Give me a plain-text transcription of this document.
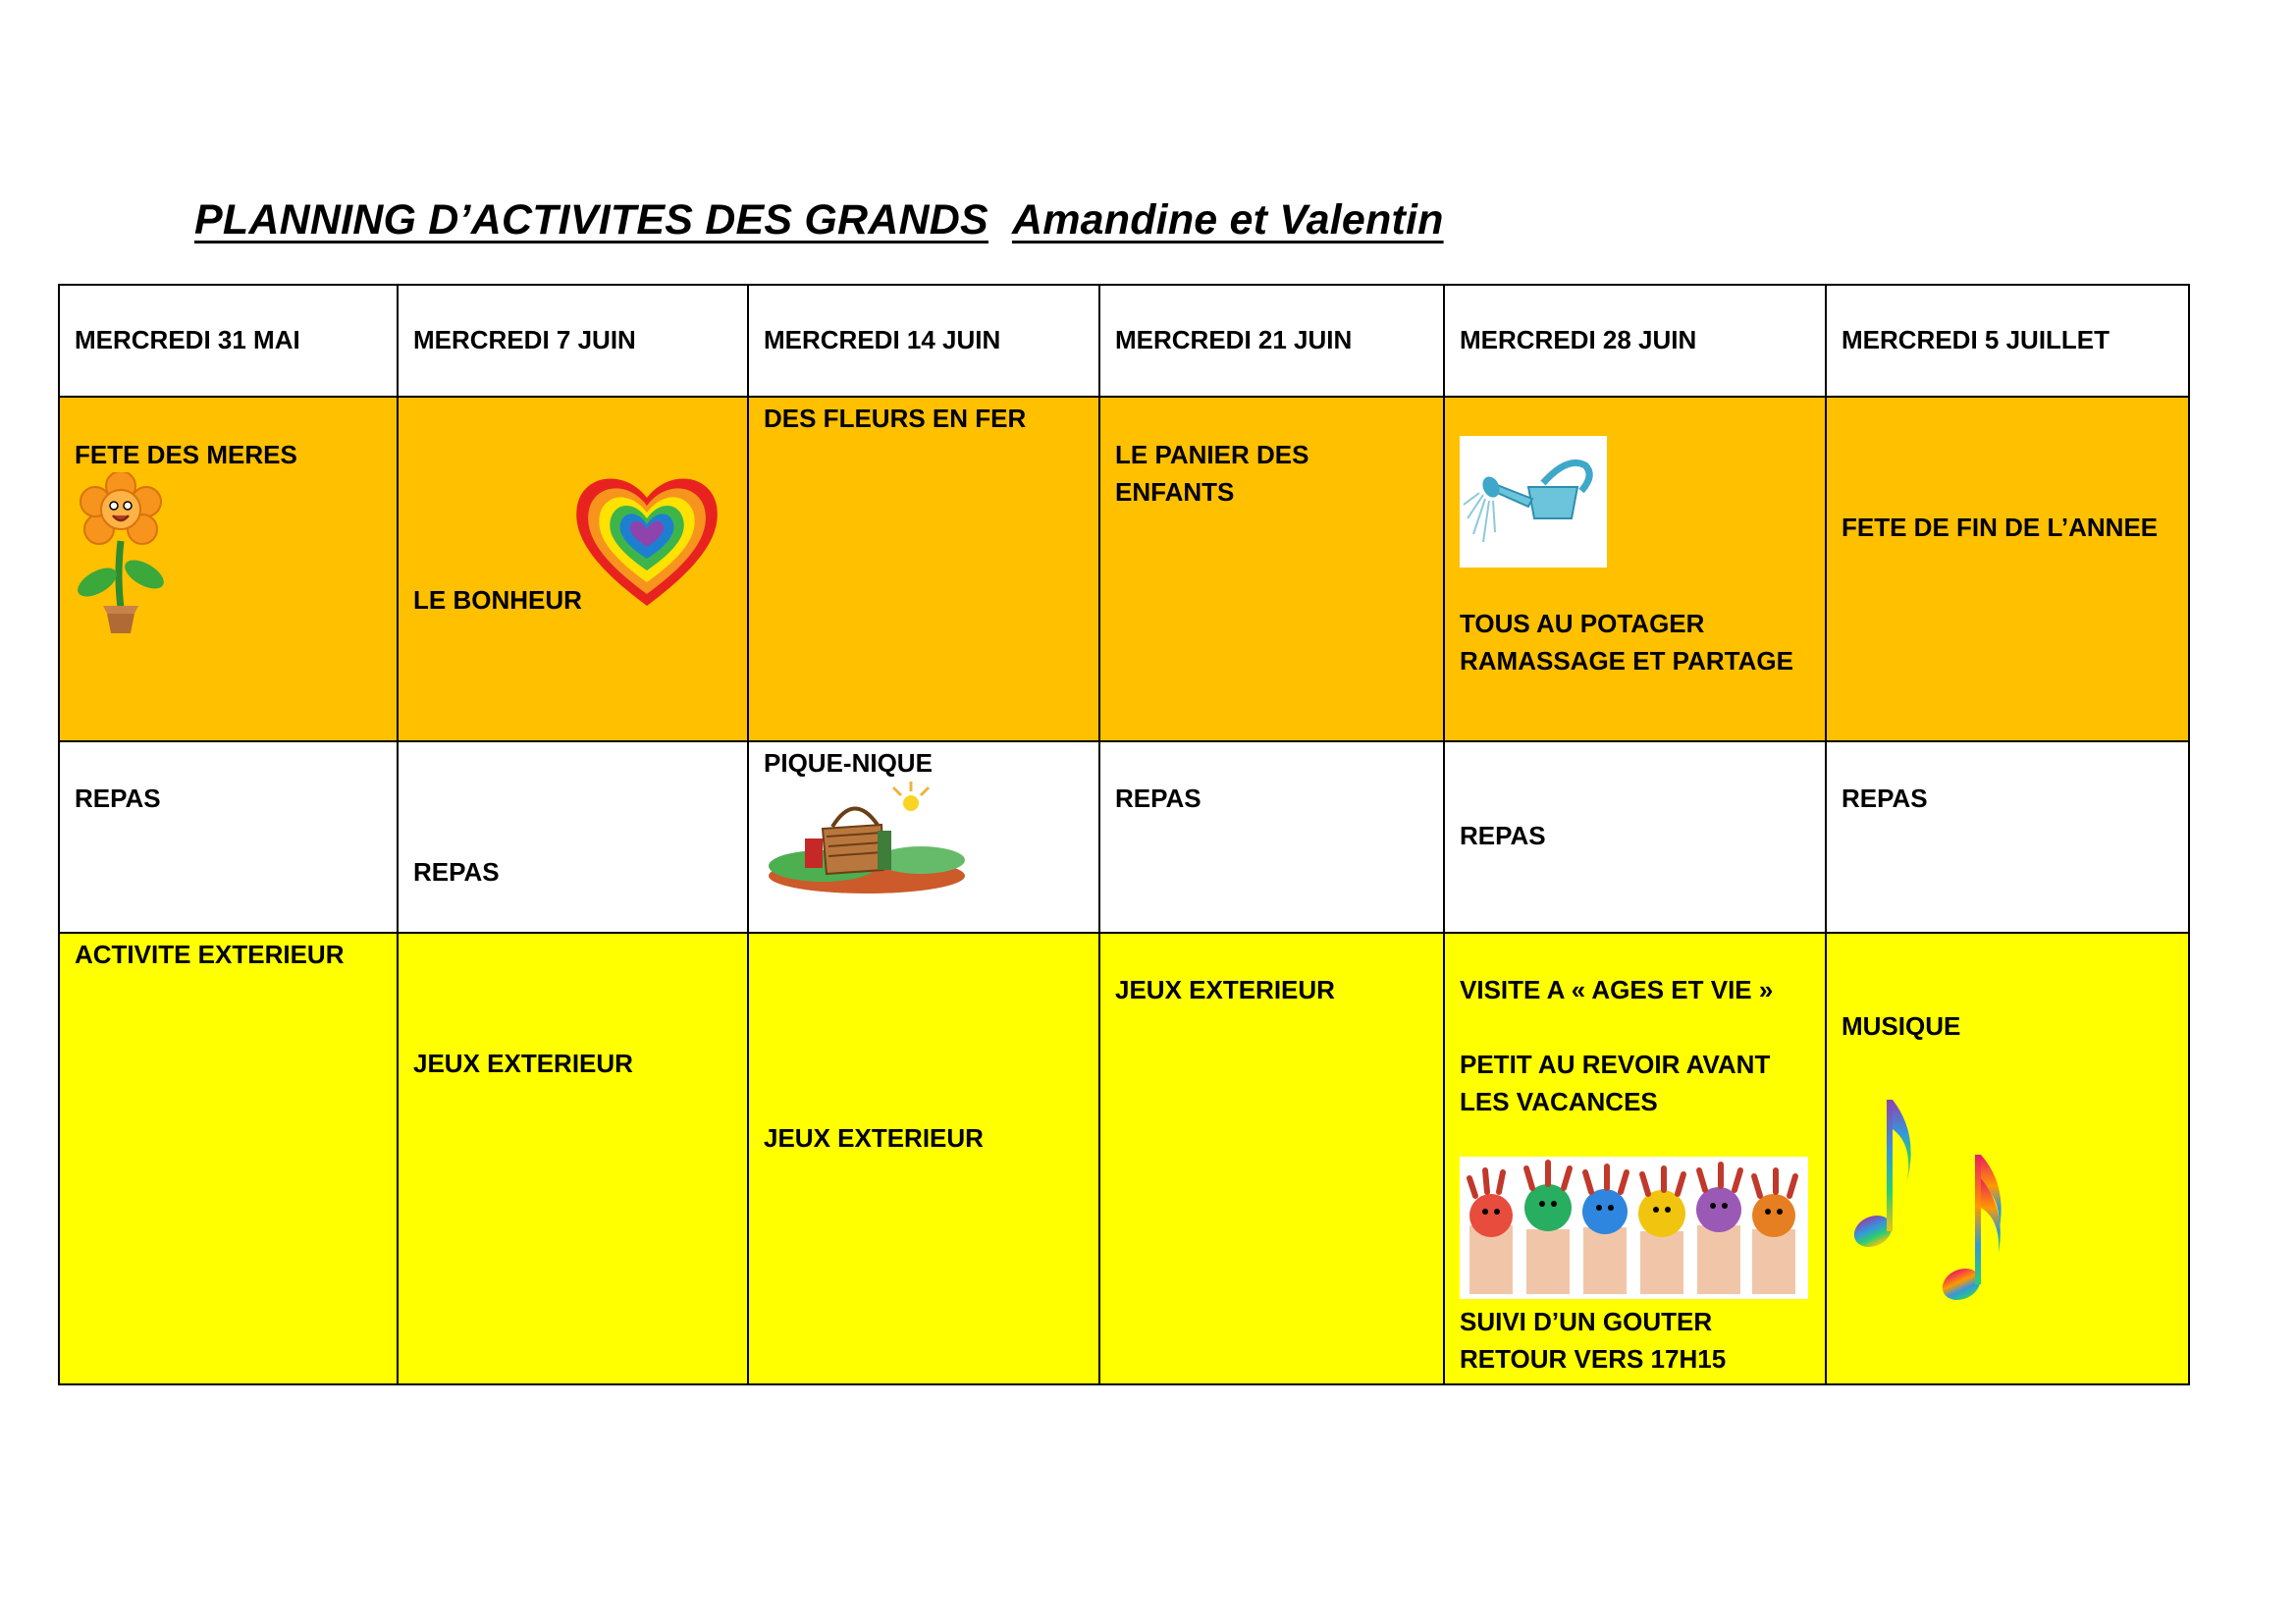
PLANNING D’ACTIVITES DES GRANDS Amandine et Valentin
MERCREDI 31 MAI	MERCREDI 7 JUIN	MERCREDI 14 JUIN	MERCREDI 21 JUIN	MERCREDI 28 JUIN	MERCREDI 5 JUILLET

FETE DES MERES	LE BONHEUR	DES FLEURS EN FER	LE PANIER DES ENFANTS	TOUS AU POTAGER
RAMASSAGE ET PARTAGE	FETE DE FIN DE L’ANNEE

REPAS	REPAS	PIQUE-NIQUE	REPAS	REPAS	REPAS

ACTIVITE EXTERIEUR	JEUX EXTERIEUR	JEUX EXTERIEUR	JEUX EXTERIEUR	VISITE A « AGES ET VIE »
PETIT AU REVOIR AVANT
LES VACANCES
SUIVI D’UN GOUTER
RETOUR VERS 17H15	MUSIQUE
